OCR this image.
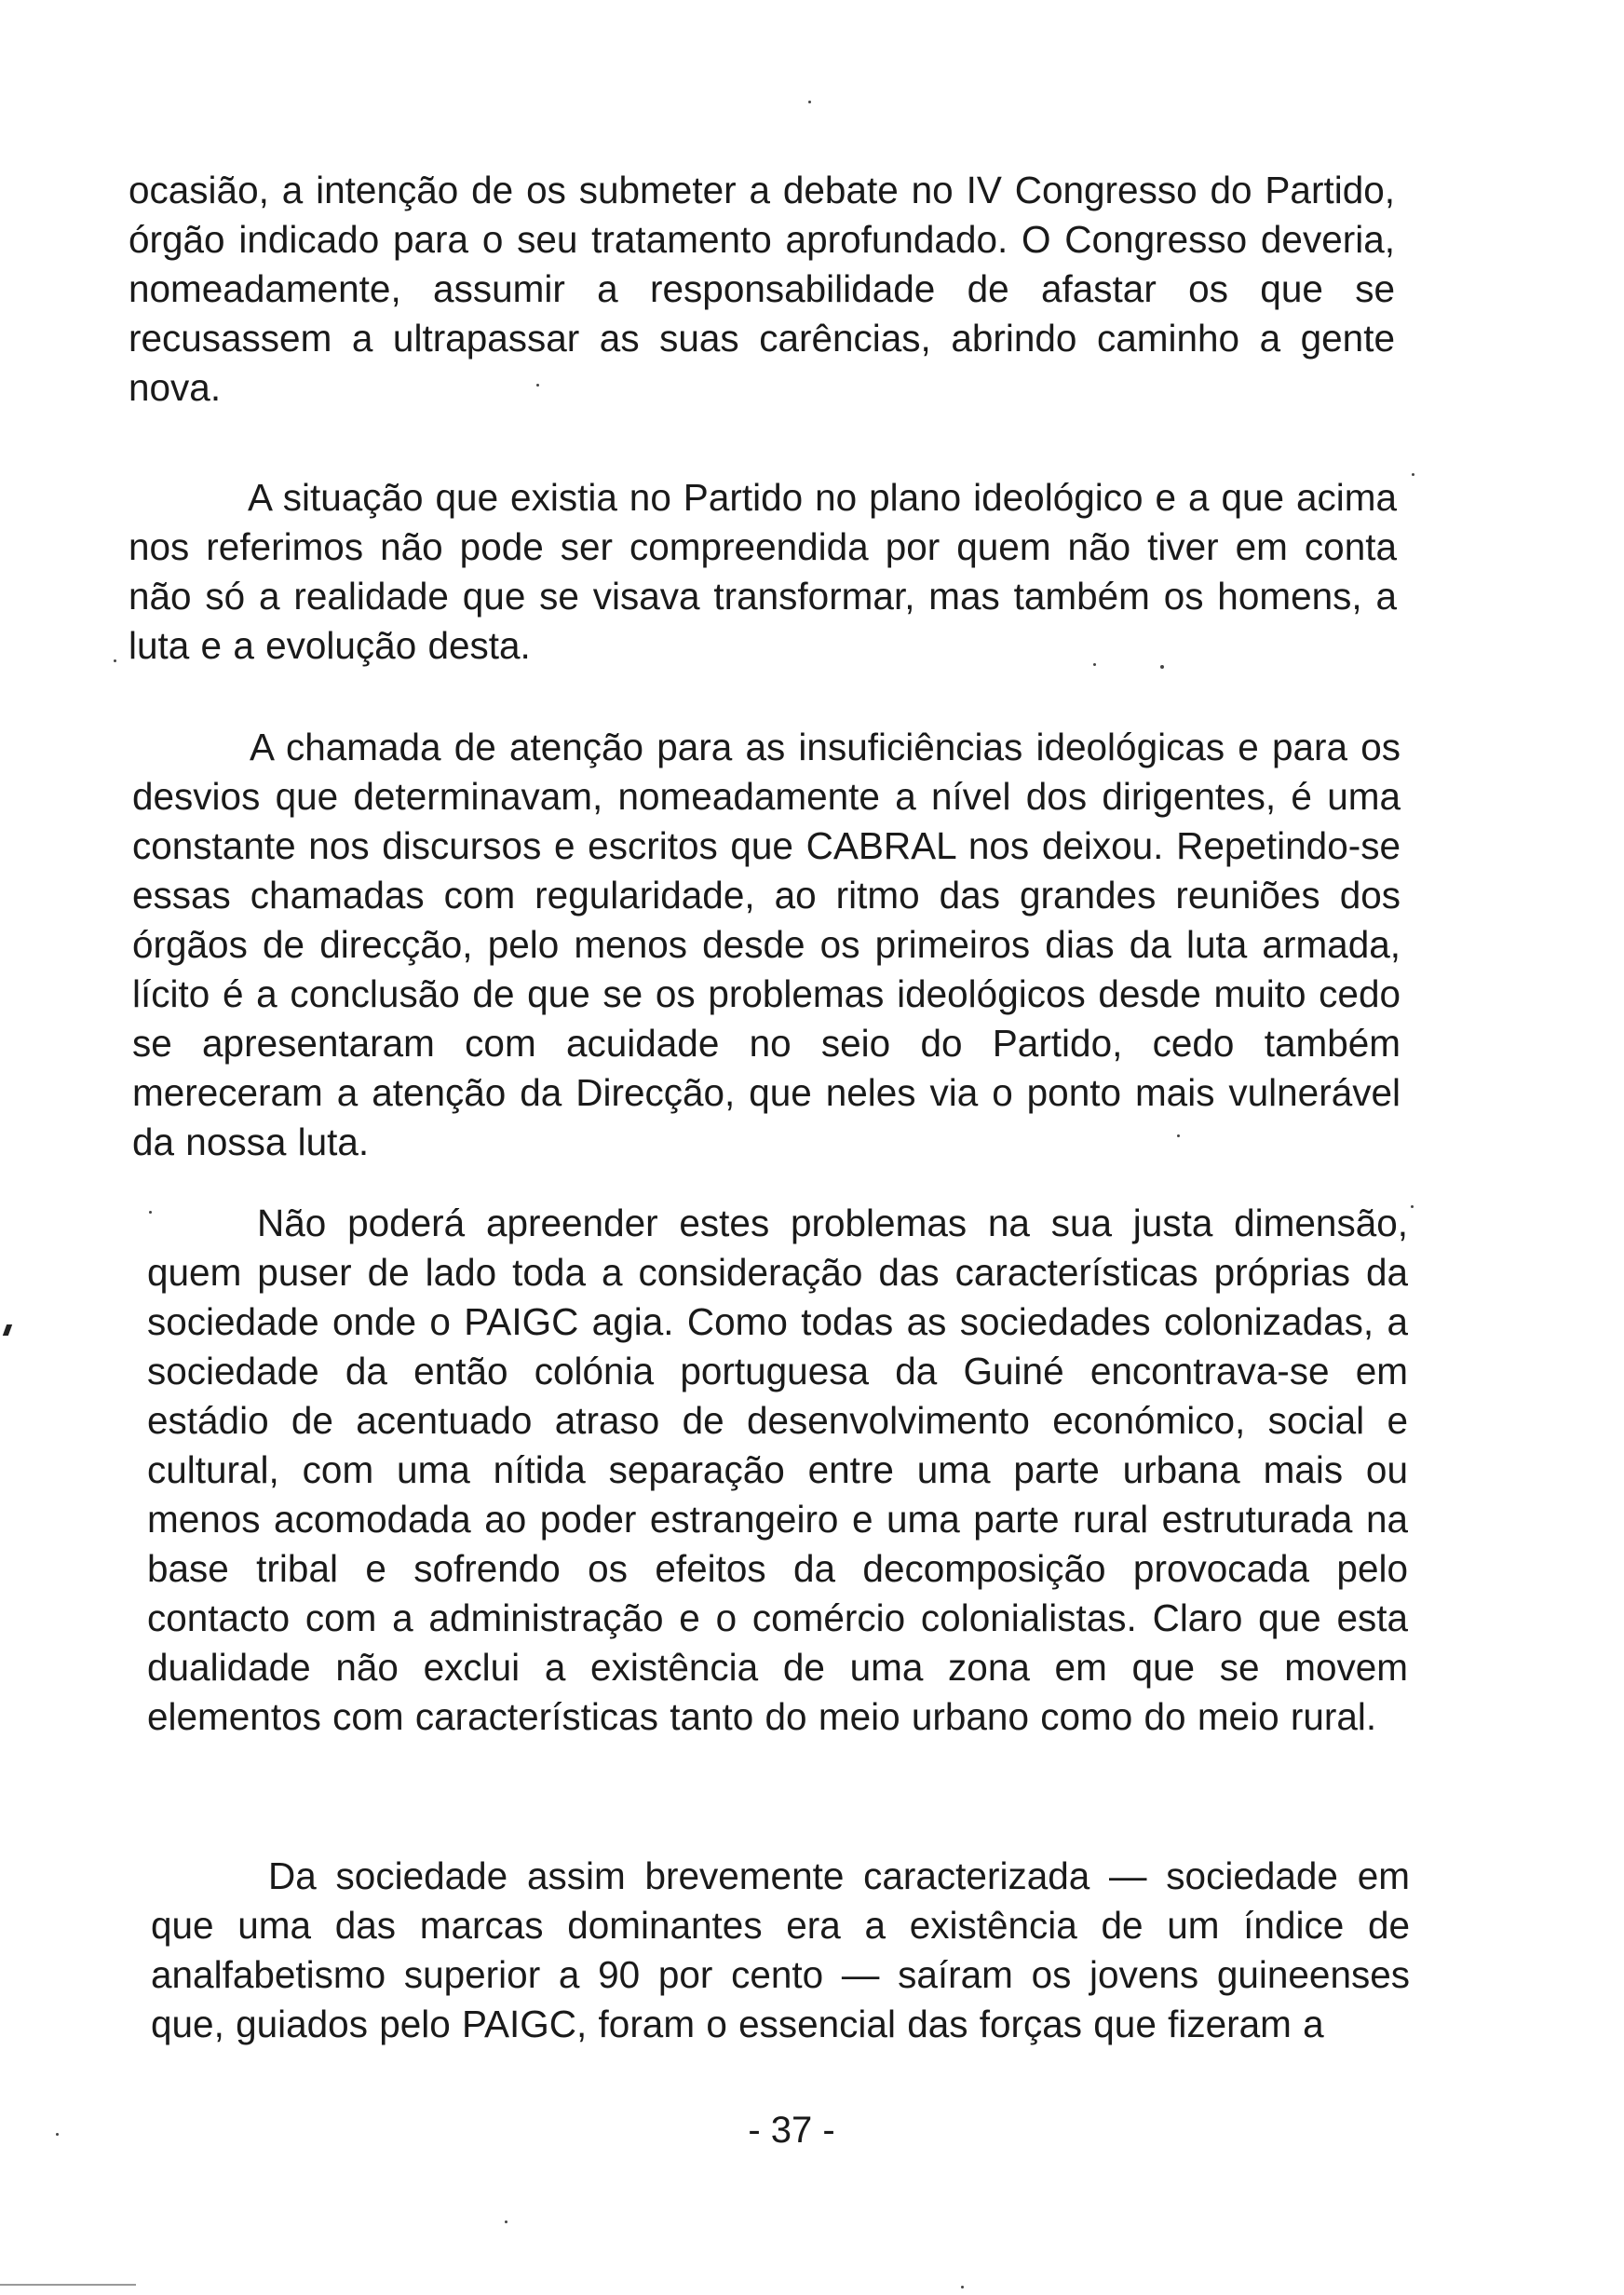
ocasião, a intenção de os submeter a debate no IV Congresso do Partido, órgão indicado para o seu tratamento aprofundado. O Congresso deveria, nomeadamente, assumir a responsabilidade de afastar os que se recusassem a ultrapassar as suas carências, abrindo caminho a gente nova.

A situação que existia no Partido no plano ideológico e a que acima nos referimos não pode ser compreendida por quem não tiver em conta não só a realidade que se visava transformar, mas também os homens, a luta e a evolução desta.

A chamada de atenção para as insuficiências ideológicas e para os desvios que determinavam, nomeadamente a nível dos dirigentes, é uma constante nos discursos e escritos que CABRAL nos deixou. Repetindo-se essas chamadas com regularidade, ao ritmo das grandes reuniões dos órgãos de direcção, pelo menos desde os primeiros dias da luta armada, lícito é a conclusão de que se os problemas ideológicos desde muito cedo se apresentaram com acuidade no seio do Partido, cedo também mereceram a atenção da Direcção, que neles via o ponto mais vulnerável da nossa luta.

Não poderá apreender estes problemas na sua justa dimensão, quem puser de lado toda a consideração das características próprias da sociedade onde o PAIGC agia. Como todas as sociedades colonizadas, a sociedade da então colónia portuguesa da Guiné encontrava-se em estádio de acentuado atraso de desenvolvimento económico, social e cultural, com uma nítida separação entre uma parte urbana mais ou menos acomodada ao poder estrangeiro e uma parte rural estruturada na base tribal e sofrendo os efeitos da decomposição provocada pelo contacto com a administração e o comércio colonialistas. Claro que esta dualidade não exclui a existência de uma zona em que se movem elementos com características tanto do meio urbano como do meio rural.

Da sociedade assim brevemente caracterizada — sociedade em que uma das marcas dominantes era a existência de um índice de analfabetismo superior a 90 por cento — saíram os jovens guineenses que, guiados pelo PAIGC, foram o essencial das forças que fizeram a

- 37 -
